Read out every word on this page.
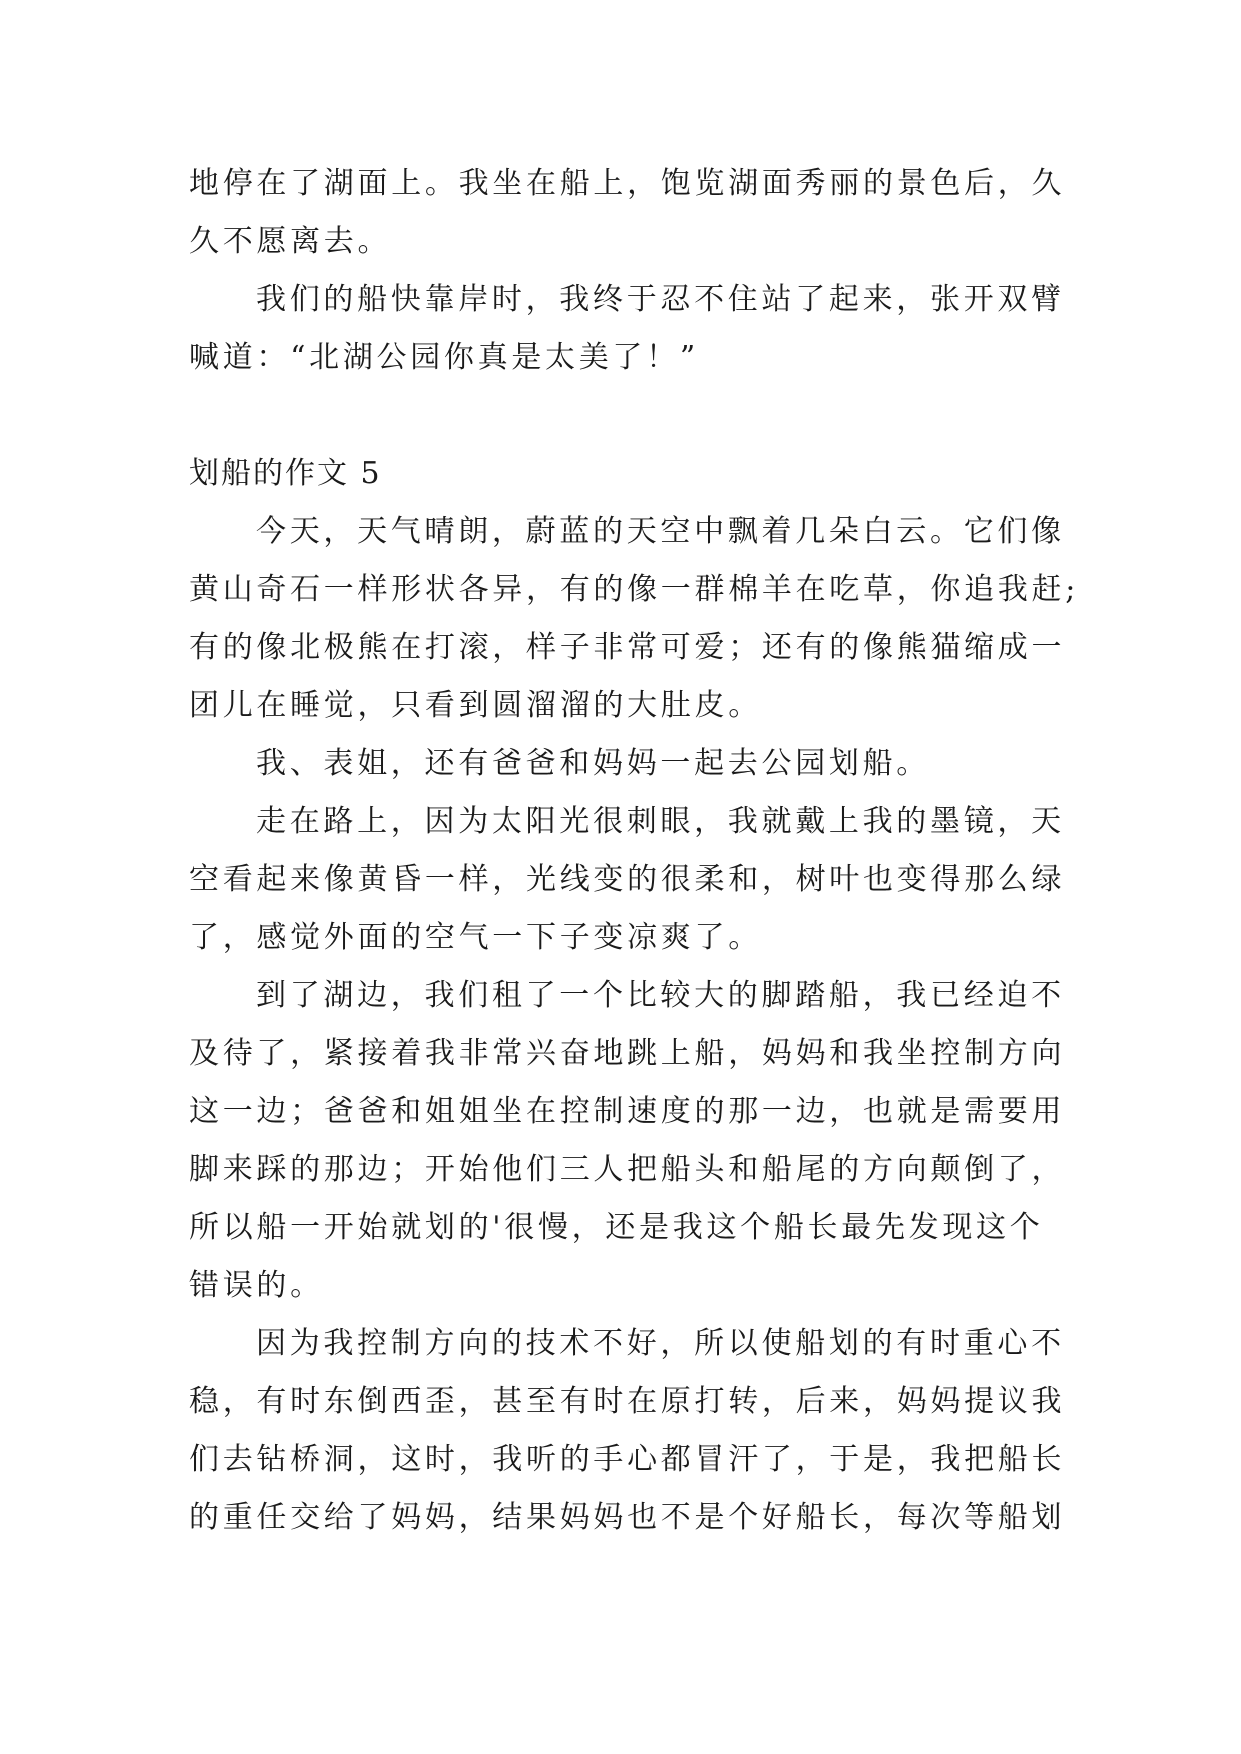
地停在了湖面上。我坐在船上，饱览湖面秀丽的景色后，久
久不愿离去。
我们的船快靠岸时，我终于忍不住站了起来，张开双臂
喊道：“北湖公园你真是太美了！”
划船的作文 5
今天，天气晴朗，蔚蓝的天空中飘着几朵白云。它们像
黄山奇石一样形状各异，有的像一群棉羊在吃草，你追我赶;
有的像北极熊在打滚，样子非常可爱；还有的像熊猫缩成一
团儿在睡觉，只看到圆溜溜的大肚皮。
我、表姐，还有爸爸和妈妈一起去公园划船。
走在路上，因为太阳光很刺眼，我就戴上我的墨镜，天
空看起来像黄昏一样，光线变的很柔和，树叶也变得那么绿
了，感觉外面的空气一下子变凉爽了。
到了湖边，我们租了一个比较大的脚踏船，我已经迫不
及待了，紧接着我非常兴奋地跳上船，妈妈和我坐控制方向
这一边；爸爸和姐姐坐在控制速度的那一边，也就是需要用
脚来踩的那边；开始他们三人把船头和船尾的方向颠倒了，
所以船一开始就划的'很慢，还是我这个船长最先发现这个
错误的。
因为我控制方向的技术不好，所以使船划的有时重心不
稳，有时东倒西歪，甚至有时在原打转，后来，妈妈提议我
们去钻桥洞，这时，我听的手心都冒汗了，于是，我把船长
的重任交给了妈妈，结果妈妈也不是个好船长，每次等船划
